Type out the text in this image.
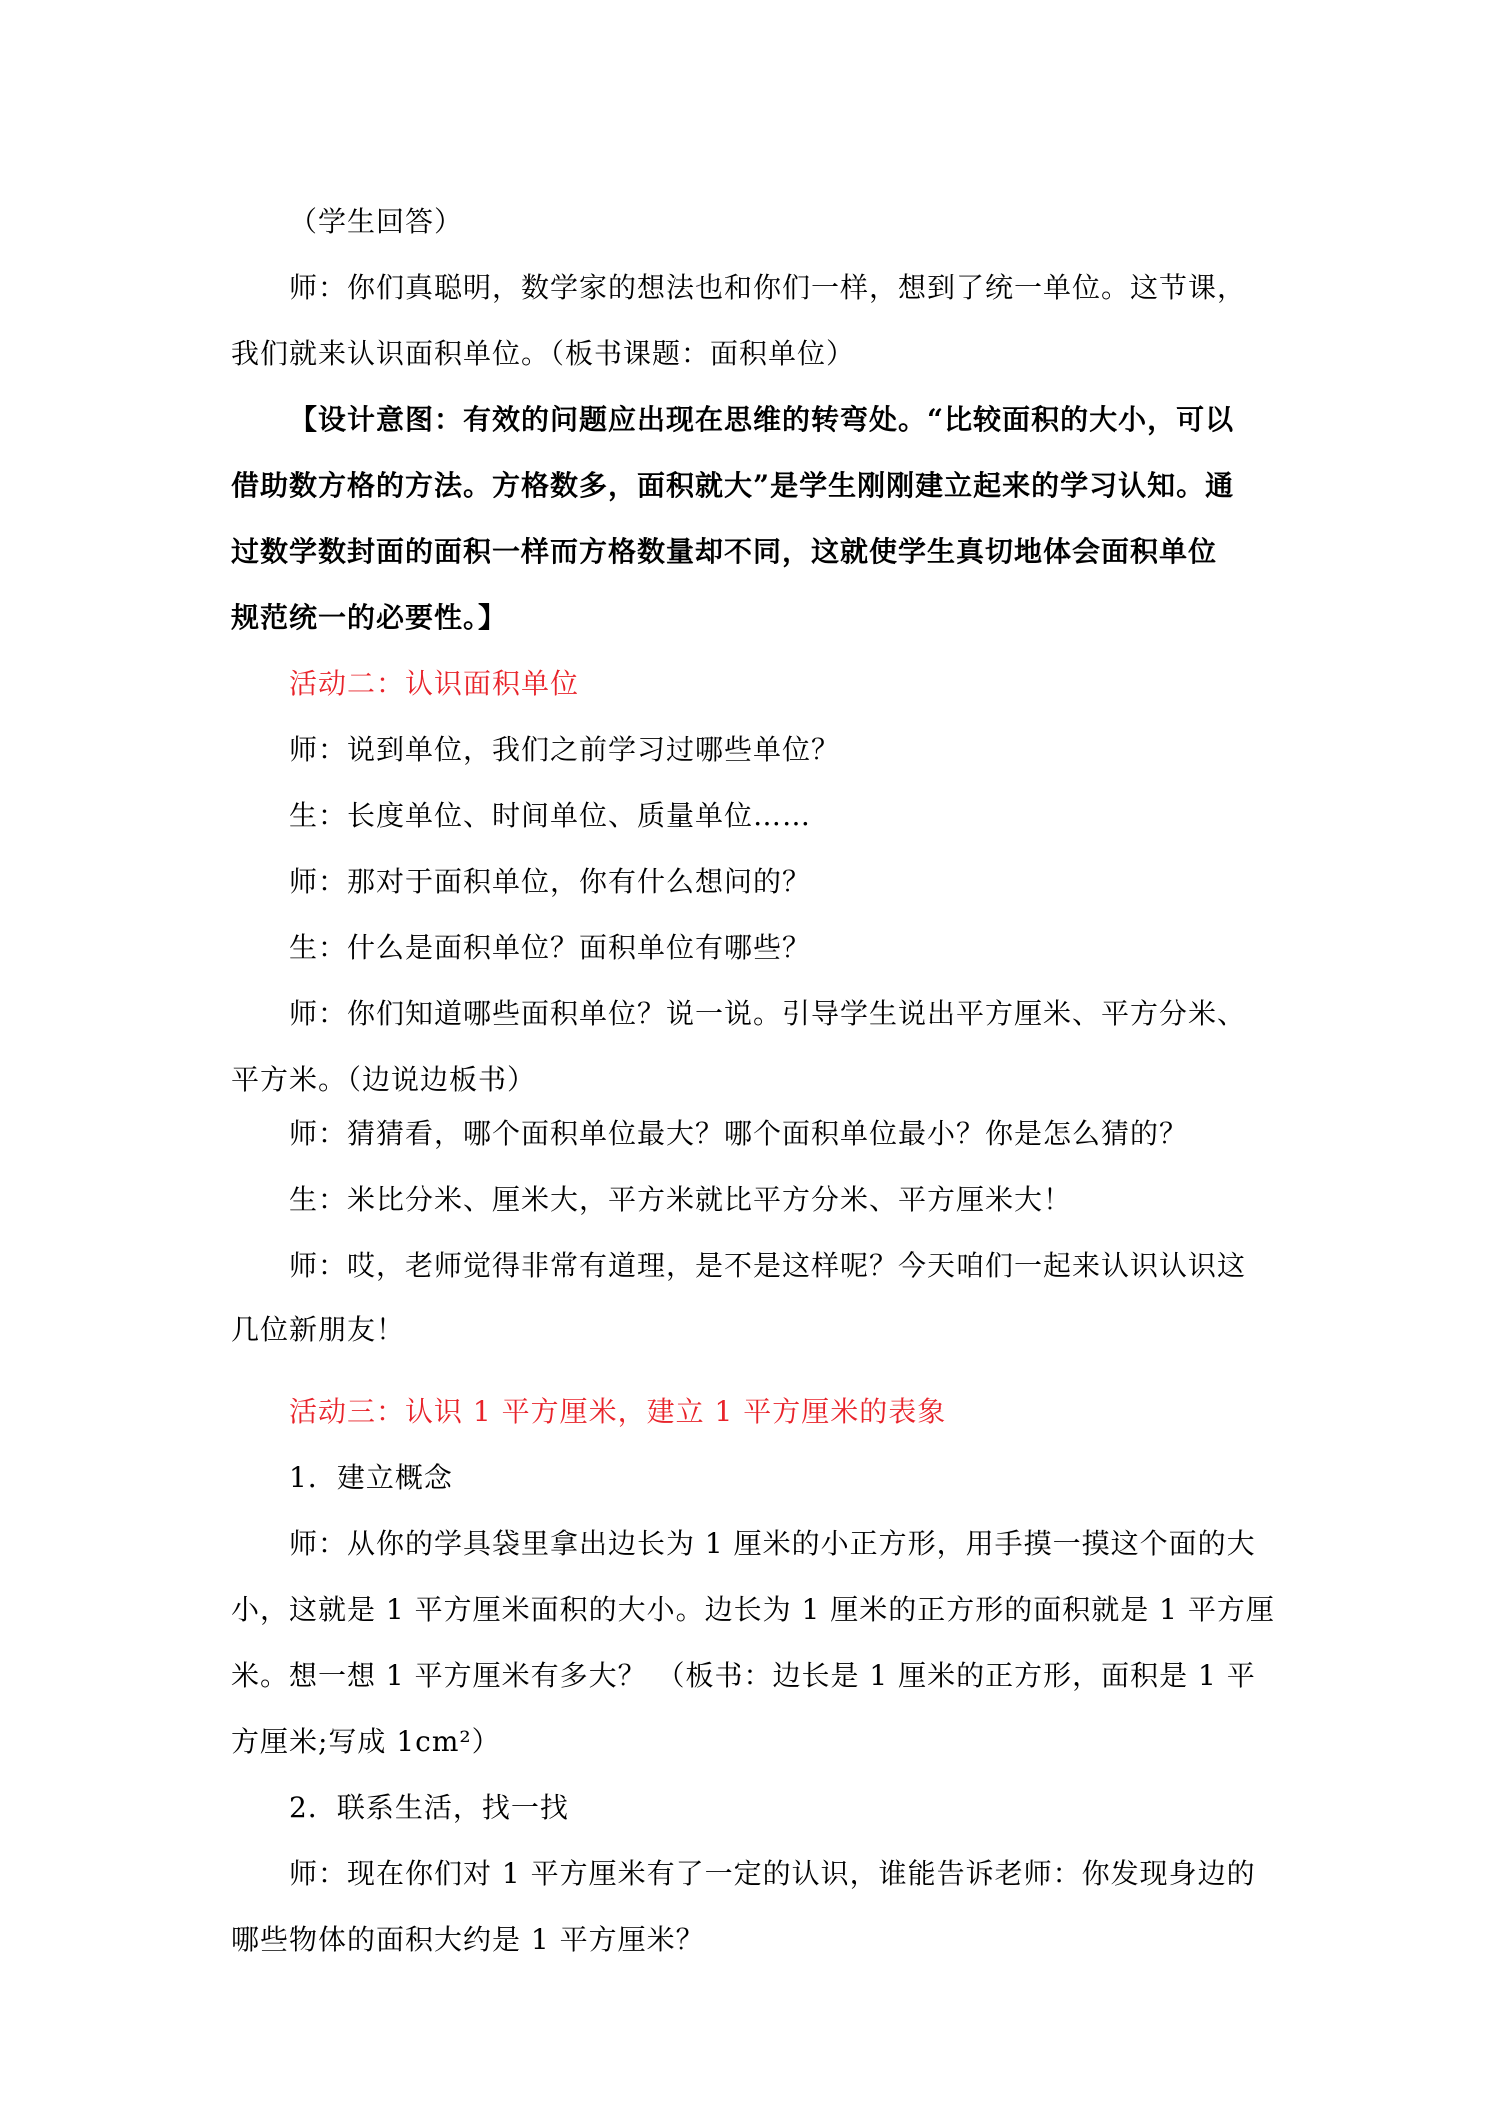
（学生回答）
师：你们真聪明，数学家的想法也和你们一样，想到了统一单位。这节课，
我们就来认识面积单位。（板书课题：面积单位）
【设计意图：有效的问题应出现在思维的转弯处。“比较面积的大小，可以
借助数方格的方法。方格数多，面积就大”是学生刚刚建立起来的学习认知。通
过数学数封面的面积一样而方格数量却不同，这就使学生真切地体会面积单位
规范统一的必要性。】
活动二：认识面积单位
师：说到单位，我们之前学习过哪些单位？
生：长度单位、时间单位、质量单位……
师：那对于面积单位，你有什么想问的？
生：什么是面积单位？面积单位有哪些？
师：你们知道哪些面积单位？说一说。引导学生说出平方厘米、平方分米、
平方米。（边说边板书）
师：猜猜看，哪个面积单位最大？哪个面积单位最小？你是怎么猜的？
生：米比分米、厘米大，平方米就比平方分米、平方厘米大！
师：哎，老师觉得非常有道理，是不是这样呢？今天咱们一起来认识认识这
几位新朋友！
活动三：认识 1 平方厘米，建立 1 平方厘米的表象
1．建立概念
师：从你的学具袋里拿出边长为 1 厘米的小正方形，用手摸一摸这个面的大
小，这就是 1 平方厘米面积的大小。边长为 1 厘米的正方形的面积就是 1 平方厘
米。想一想 1 平方厘米有多大？ （板书：边长是 1 厘米的正方形，面积是 1 平
方厘米;写成 1cm²）
2．联系生活，找一找
师：现在你们对 1 平方厘米有了一定的认识，谁能告诉老师：你发现身边的
哪些物体的面积大约是 1 平方厘米？
